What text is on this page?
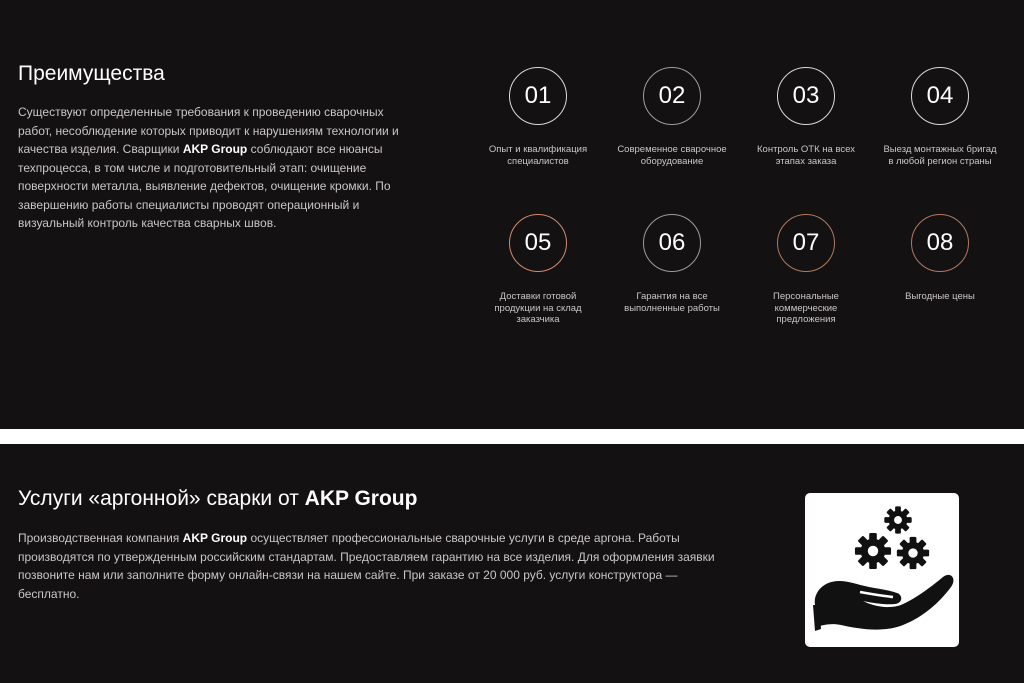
Преимущества

Существуют определенные требования к проведению сварочных работ, несоблюдение которых приводит к нарушениям технологии и качества изделия. Сварщики AKP Group соблюдают все нюансы техпроцесса, в том числе и подготовительный этап: очищение поверхности металла, выявление дефектов, очищение кромки. По завершению работы специалисты проводят операционный и визуальный контроль качества сварных швов.

01
Опыт и квалификация специалистов
02
Современное сварочное оборудование
03
Контроль ОТК на всех этапах заказа
04
Выезд монтажных бригад в любой регион страны
05
Доставки готовой продукции на склад заказчика
06
Гарантия на все выполненные работы
07
Персональные коммерческие предложения
08
Выгодные цены
Услуги «аргонной» сварки от AKP Group

Производственная компания AKP Group осуществляет профессиональные сварочные услуги в среде аргона. Работы производятся по утвержденным российским стандартам. Предоставляем гарантию на все изделия. Для оформления заявки позвоните нам или заполните форму онлайн-связи на нашем сайте. При заказе от 20 000 руб. услуги конструктора — бесплатно.
